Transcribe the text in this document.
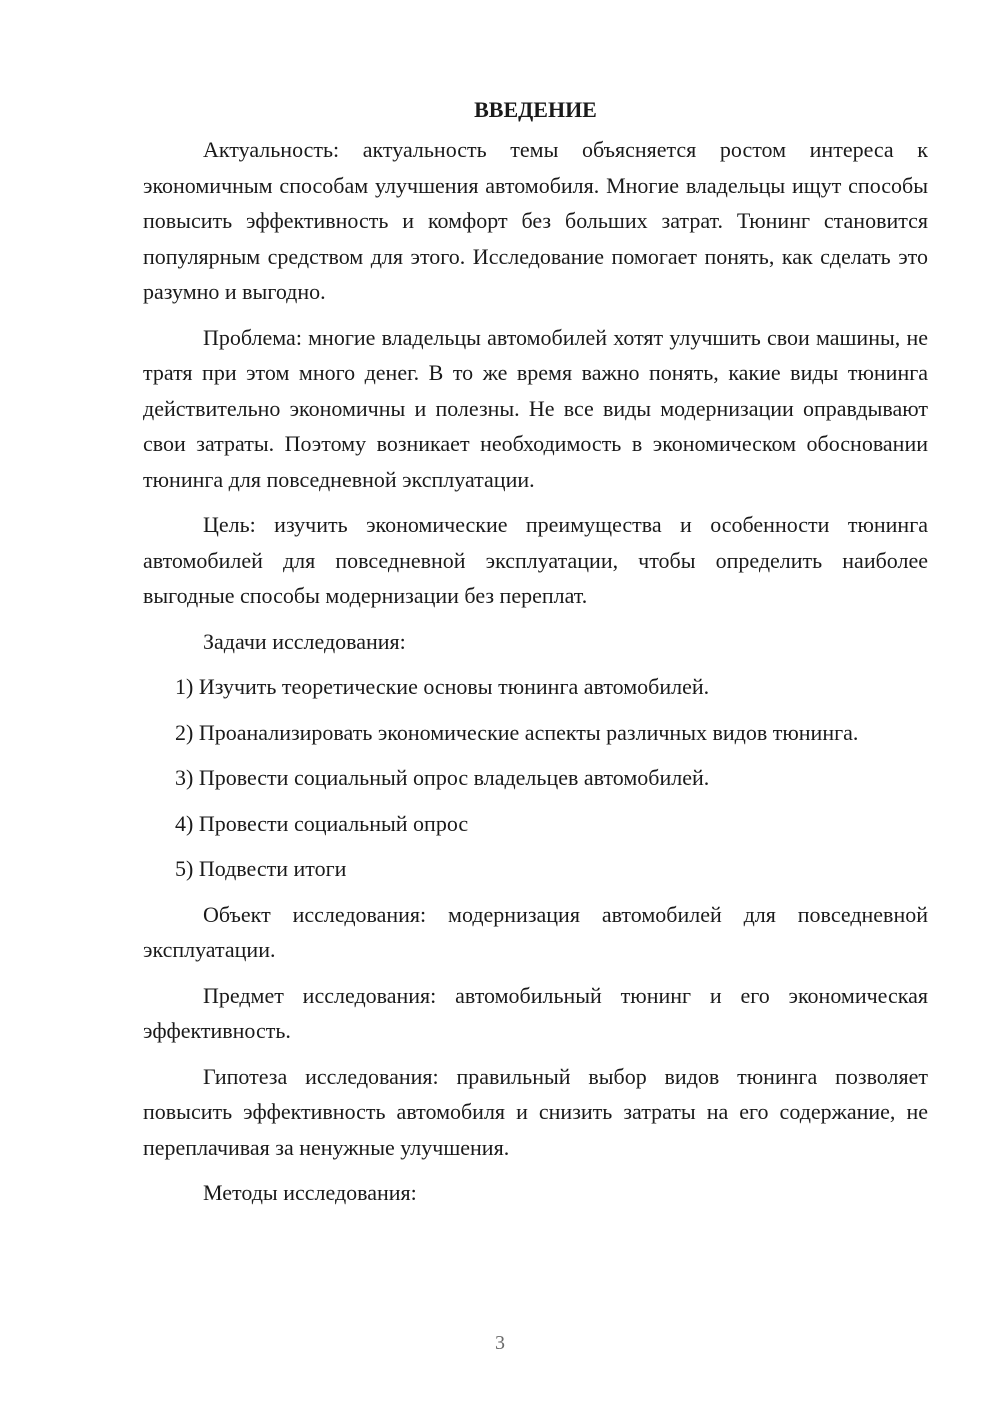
ВВЕДЕНИЕ

Актуальность: актуальность темы объясняется ростом интереса к экономичным способам улучшения автомобиля. Многие владельцы ищут способы повысить эффективность и комфорт без больших затрат. Тюнинг становится популярным средством для этого. Исследование помогает понять, как сделать это разумно и выгодно.

Проблема: многие владельцы автомобилей хотят улучшить свои машины, не тратя при этом много денег. В то же время важно понять, какие виды тюнинга действительно экономичны и полезны. Не все виды модернизации оправдывают свои затраты. Поэтому возникает необходимость в экономическом обосновании тюнинга для повседневной эксплуатации.

Цель: изучить экономические преимущества и особенности тюнинга автомобилей для повседневной эксплуатации, чтобы определить наиболее выгодные способы модернизации без переплат.

Задачи исследования:

1) Изучить теоретические основы тюнинга автомобилей.

2) Проанализировать экономические аспекты различных видов тюнинга.

3) Провести социальный опрос владельцев автомобилей.

4) Провести социальный опрос

5) Подвести итоги

Объект исследования: модернизация автомобилей для повседневной эксплуатации.

Предмет исследования: автомобильный тюнинг и его экономическая эффективность.

Гипотеза исследования: правильный выбор видов тюнинга позволяет повысить эффективность автомобиля и снизить затраты на его содержание, не переплачивая за ненужные улучшения.

Методы исследования:

3
